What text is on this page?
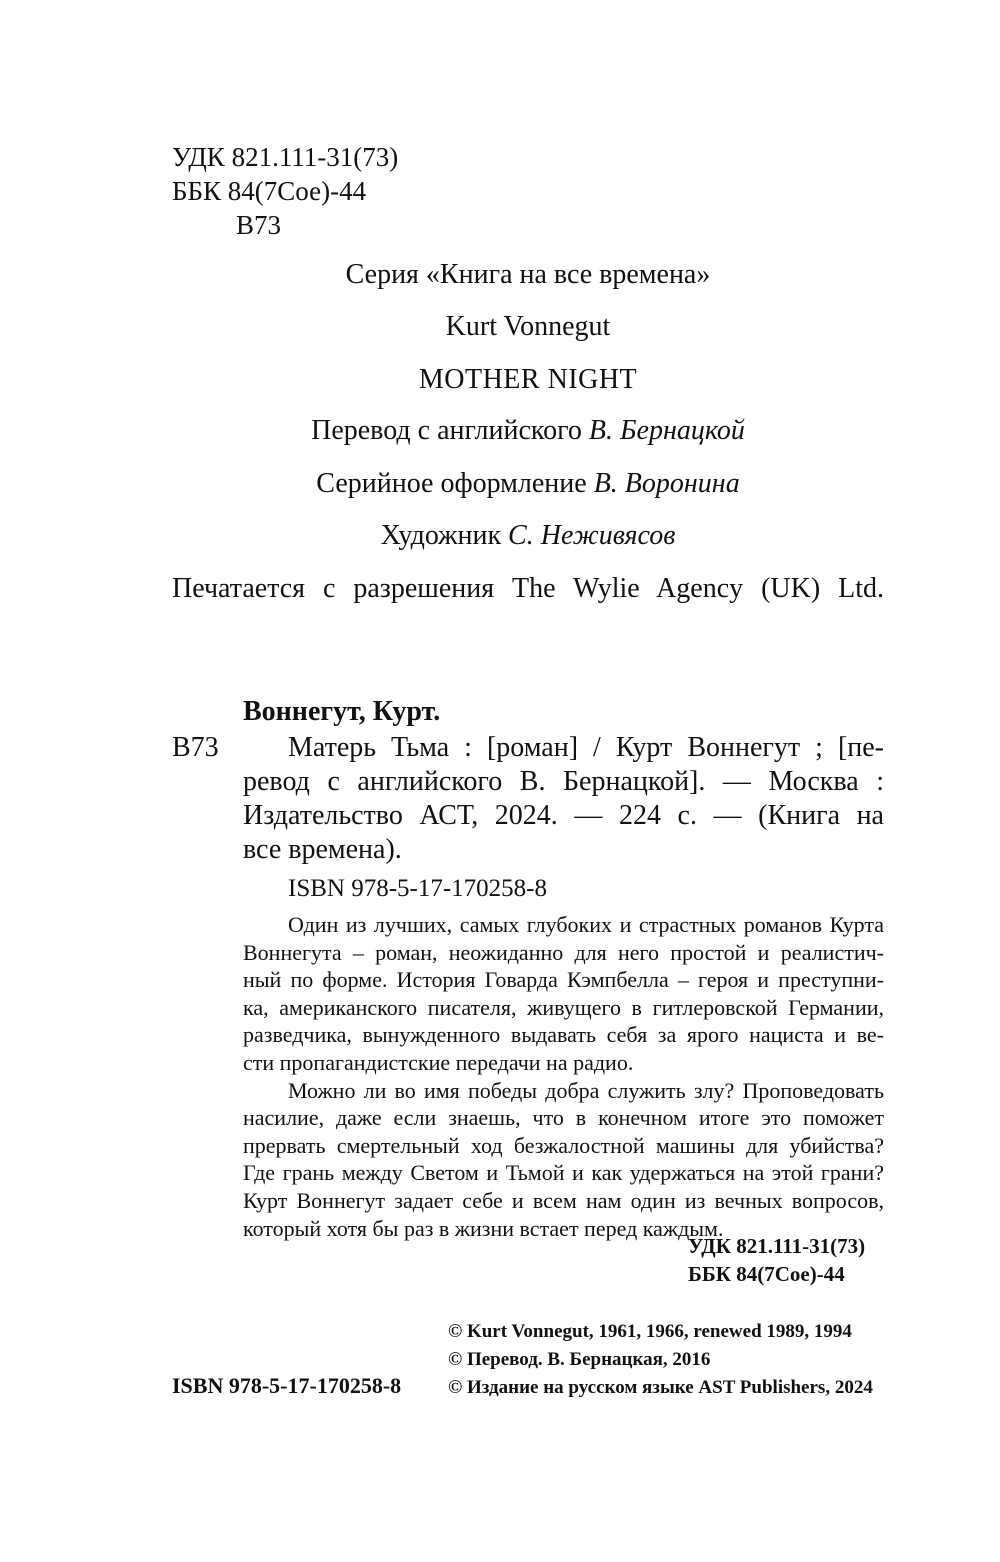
УДК 821.111-31(73)
ББК 84(7Сое)-44
В73
Серия «Книга на все времена»
Kurt Vonnegut
MOTHER NIGHT
Перевод с английского В. Бернацкой
Серийное оформление В. Воронина
Художник С. Неживясов
Печатается с разрешения The Wylie Agency (UK) Ltd.
Воннегут, Курт.
В73	Матерь Тьма : [роман] / Курт Воннегут ; [пе-
ревод с английского В. Бернацкой]. — Москва :
Издательство АСТ, 2024. — 224 с. — (Книга на
все времена).
ISBN 978-5-17-170258-8
Один из лучших, самых глубоких и страстных романов Курта
Воннегута – роман, неожиданно для него простой и реалистич-
ный по форме. История Говарда Кэмпбелла – героя и преступни-
ка, американского писателя, живущего в гитлеровской Германии,
разведчика, вынужденного выдавать себя за ярого нациста и ве-
сти пропагандистские передачи на радио.
Можно ли во имя победы добра служить злу? Проповедовать
насилие, даже если знаешь, что в конечном итоге это поможет
прервать смертельный ход безжалостной машины для убийства?
Где грань между Светом и Тьмой и как удержаться на этой грани?
Курт Воннегут задает себе и всем нам один из вечных вопросов,
который хотя бы раз в жизни встает перед каждым.
УДК 821.111-31(73)
ББК 84(7Сое)-44
© Kurt Vonnegut, 1961, 1966, renewed 1989, 1994
© Перевод. В. Бернацкая, 2016
ISBN 978-5-17-170258-8 © Издание на русском языке AST Publishers, 2024
